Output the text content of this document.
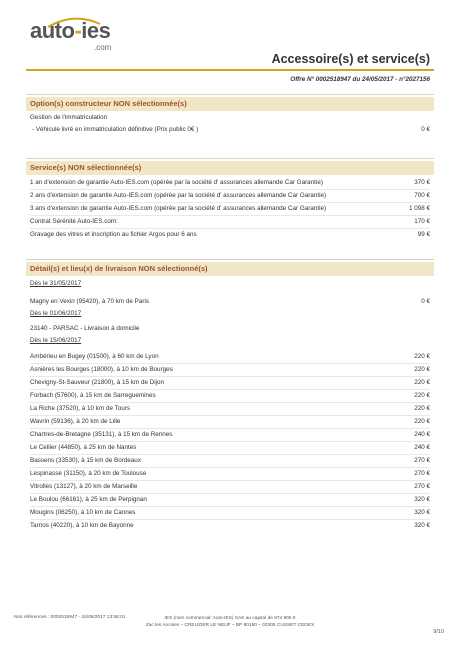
auto-ies
.com
Accessoire(s) et service(s)
Offre N° 0002518947 du 24/05/2017 - n°2027156
Option(s) constructeur NON sélectionnée(s)
Gestion de l'immatriculation
- Véhicule livré en immatriculation définitive (Prix public 0€ )	0 €
Service(s) NON sélectionnée(s)
1 an d'extension de garantie Auto-IES.com (opérée par la société d' assurances allemande Car Garantie)	370 €
2 ans d'extension de garantie Auto-IES.com (opérée par la société d' assurances allemande Car Garantie)	700 €
3 ans d'extension de garantie Auto-IES.com (opérée par la société d' assurances allemande Car Garantie)	1 098 €
Contrat Sérénité Auto-IES.com:	170 €
Gravage des vitres et inscription au fichier Argos pour 6 ans	99 €
Détail(s) et lieu(x) de livraison NON sélectionné(s)
Dès le 31/05/2017
Magny en Vexin (95420), à 70 km de Paris	0 €
Dès le 01/06/2017
23140 - PARSAC - Livraison à domicile
Dès le 15/06/2017
Ambérieu en Bugey (01500), à 60 km de Lyon	220 €
Asnières les Bourges (18000), à 10 km de Bourges	220 €
Chevigny-St-Sauveur (21800), à 15 km de Dijon	220 €
Forbach (57600), à 15 km de Sarreguemines	220 €
La Riche (37520), à 10 km de Tours	220 €
Wavrin (59136), à 20 km de Lille	220 €
Chartres-de-Bretagne (35131), à 15 km de Rennes	240 €
Le Cellier (44850), à 25 km de Nantes	240 €
Bassens (33530), à 15 km de Bordeaux	270 €
Lespinasse (31150), à 20 km de Toulouse	270 €
Vitrolles (13127), à 20 km de Marseille	270 €
Le Boulou (66161), à 25 km de Perpignan	320 €
Mougins (06250), à 10 km de Cannes	320 €
Tarnos (40220), à 10 km de Bayonne	320 €
Nos références : 0002518947 - 24/05/2017 13:56:01	IES (nom commercial: Auto-IES) SAS au capital de 874 905 €
Zac les Ancises – CREUZIER LE NEUF – BP 80150 – 03305 CUSSET CEDEX
9/10
